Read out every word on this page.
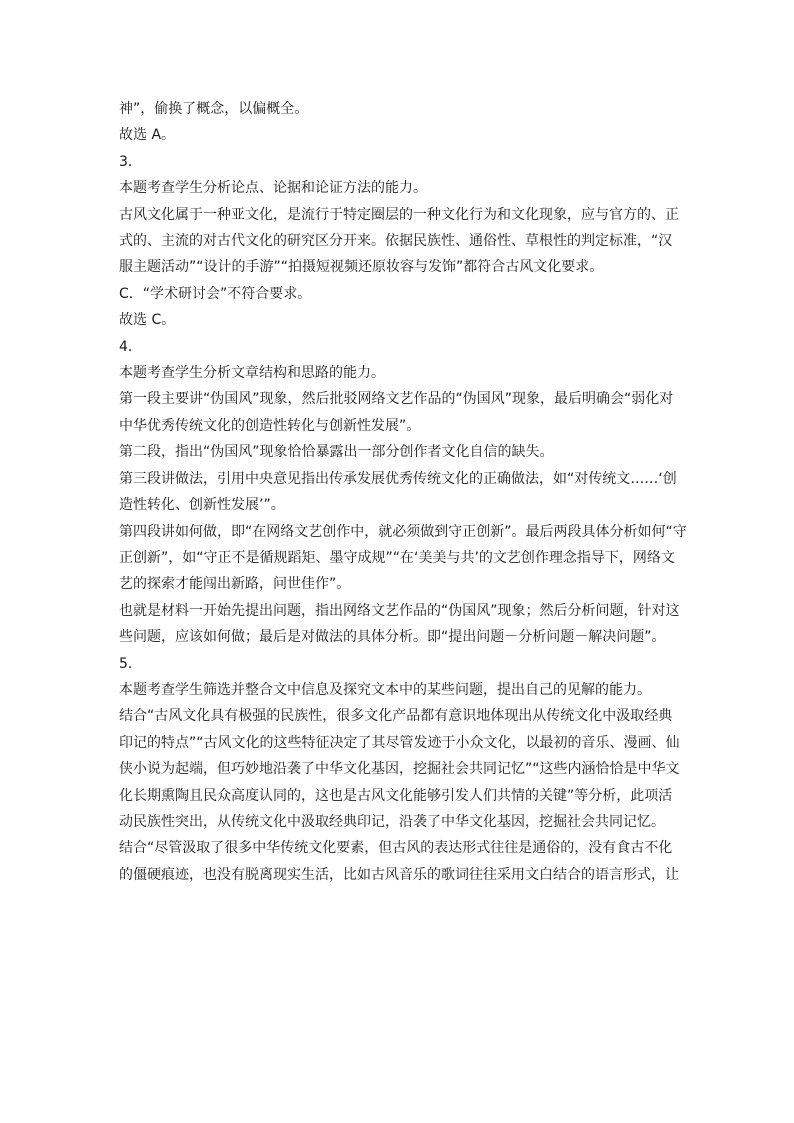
神”，偷换了概念，以偏概全。

故选 A。

3．

本题考查学生分析论点、论据和论证方法的能力。

古风文化属于一种亚文化，是流行于特定圈层的一种文化行为和文化现象，应与官方的、正

式的、主流的对古代文化的研究区分开来。依据民族性、通俗性、草根性的判定标准，“汉

服主题活动”“设计的手游”“拍摄短视频还原妆容与发饰”都符合古风文化要求。

C．“学术研讨会”不符合要求。

故选 C。

4．

本题考查学生分析文章结构和思路的能力。

第一段主要讲“伪国风”现象，然后批驳网络文艺作品的“伪国风”现象，最后明确会“弱化对

中华优秀传统文化的创造性转化与创新性发展”。

第二段，指出“伪国风”现象恰恰暴露出一部分创作者文化自信的缺失。

第三段讲做法，引用中央意见指出传承发展优秀传统文化的正确做法，如“对传统文……‘创

造性转化、创新性发展’”。

第四段讲如何做，即“在网络文艺创作中，就必须做到守正创新”。最后两段具体分析如何“守

正创新”，如“守正不是循规蹈矩、墨守成规”“在‘美美与共’的文艺创作理念指导下，网络文

艺的探索才能闯出新路，问世佳作”。

也就是材料一开始先提出问题，指出网络文艺作品的“伪国风”现象；然后分析问题，针对这

些问题，应该如何做；最后是对做法的具体分析。即“提出问题－分析问题－解决问题”。

5．

本题考查学生筛选并整合文中信息及探究文本中的某些问题，提出自己的见解的能力。

结合“古风文化具有极强的民族性，很多文化产品都有意识地体现出从传统文化中汲取经典

印记的特点”“古风文化的这些特征决定了其尽管发迹于小众文化，以最初的音乐、漫画、仙

侠小说为起端，但巧妙地沿袭了中华文化基因，挖掘社会共同记忆”“这些内涵恰恰是中华文

化长期熏陶且民众高度认同的，这也是古风文化能够引发人们共情的关键”等分析，此项活

动民族性突出，从传统文化中汲取经典印记，沿袭了中华文化基因，挖掘社会共同记忆。

结合“尽管汲取了很多中华传统文化要素，但古风的表达形式往往是通俗的，没有食古不化

的僵硬痕迹，也没有脱离现实生活，比如古风音乐的歌词往往采用文白结合的语言形式，让
